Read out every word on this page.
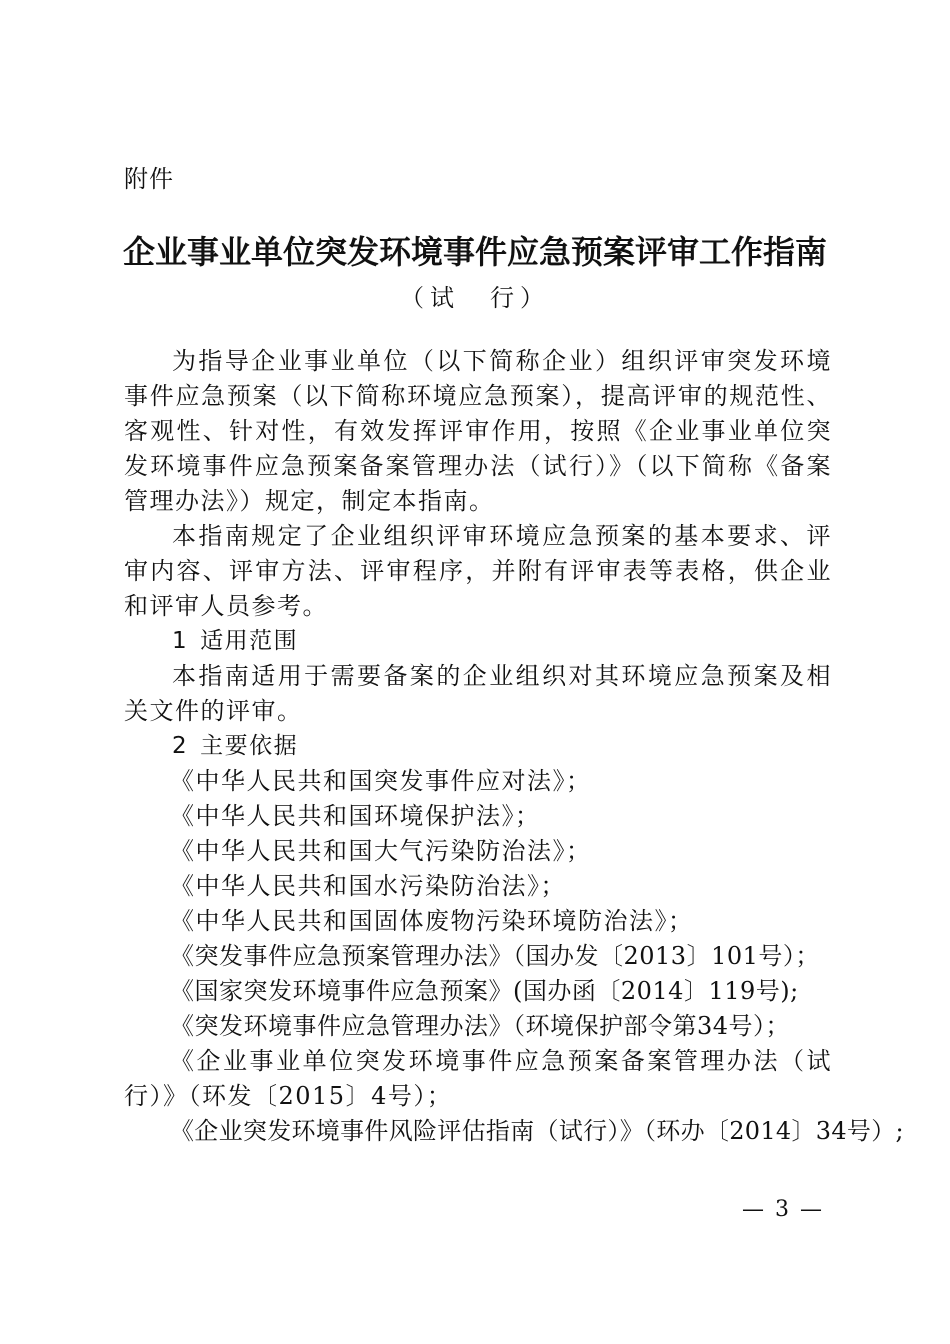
附件
企业事业单位突发环境事件应急预案评审工作指南
（试　行）

为指导企业事业单位（以下简称企业）组织评审突发环境事件应急预案（以下简称环境应急预案），提高评审的规范性、客观性、针对性，有效发挥评审作用，按照《企业事业单位突发环境事件应急预案备案管理办法（试行）》（以下简称《备案管理办法》）规定，制定本指南。

本指南规定了企业组织评审环境应急预案的基本要求、评审内容、评审方法、评审程序，并附有评审表等表格，供企业和评审人员参考。

1 适用范围

本指南适用于需要备案的企业组织对其环境应急预案及相关文件的评审。

2 主要依据

《中华人民共和国突发事件应对法》；

《中华人民共和国环境保护法》；

《中华人民共和国大气污染防治法》；

《中华人民共和国水污染防治法》；

《中华人民共和国固体废物污染环境防治法》；

《突发事件应急预案管理办法》（国办发〔2013〕101号）；

《国家突发环境事件应急预案》(国办函〔2014〕119号);

《突发环境事件应急管理办法》（环境保护部令第34号）；

《企业事业单位突发环境事件应急预案备案管理办法（试行）》（环发〔2015〕4号）；

《企业突发环境事件风险评估指南（试行）》（环办〔2014〕34号）;

— 3 —
